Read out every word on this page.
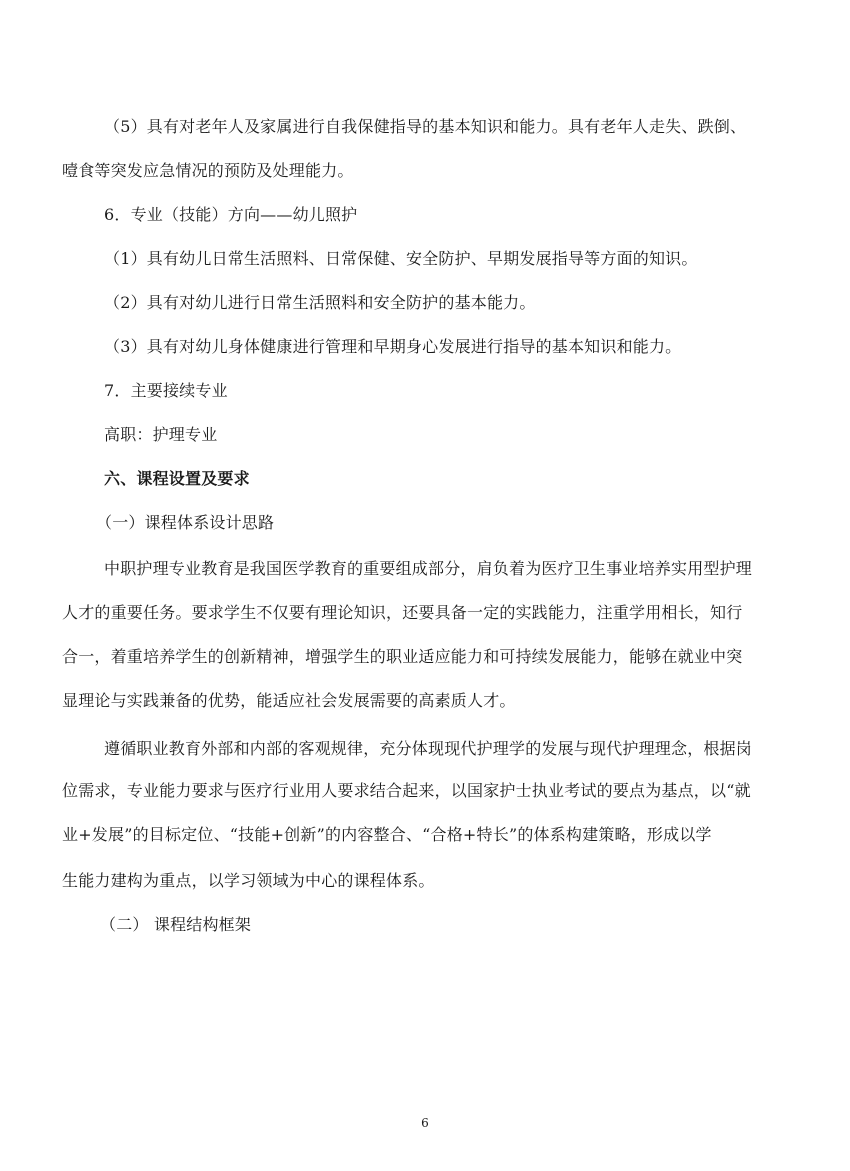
（5）具有对老年人及家属进行自我保健指导的基本知识和能力。具有老年人走失、跌倒、
噎食等突发应急情况的预防及处理能力。
6．专业（技能）方向——幼儿照护
（1）具有幼儿日常生活照料、日常保健、安全防护、早期发展指导等方面的知识。
（2）具有对幼儿进行日常生活照料和安全防护的基本能力。
（3）具有对幼儿身体健康进行管理和早期身心发展进行指导的基本知识和能力。
7．主要接续专业
高职：护理专业
六、课程设置及要求
（一）课程体系设计思路
中职护理专业教育是我国医学教育的重要组成部分，肩负着为医疗卫生事业培养实用型护理
人才的重要任务。要求学生不仅要有理论知识，还要具备一定的实践能力，注重学用相长，知行
合一，着重培养学生的创新精神，增强学生的职业适应能力和可持续发展能力，能够在就业中突
显理论与实践兼备的优势，能适应社会发展需要的高素质人才。
遵循职业教育外部和内部的客观规律，充分体现现代护理学的发展与现代护理理念，根据岗
位需求，专业能力要求与医疗行业用人要求结合起来，以国家护士执业考试的要点为基点，以“就
业+发展”的目标定位、“技能+创新”的内容整合、“合格+特长”的体系构建策略，形成以学
生能力建构为重点，以学习领域为中心的课程体系。
（二） 课程结构框架
6
